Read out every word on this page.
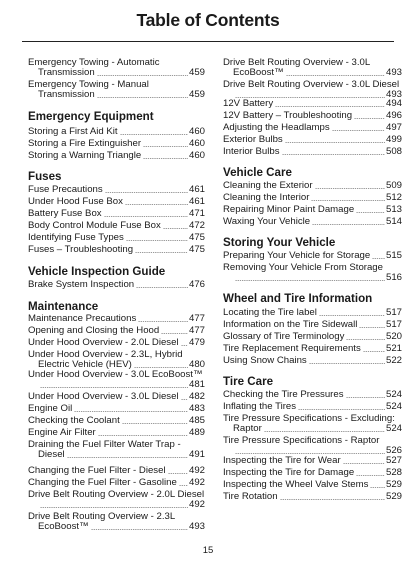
Table of Contents
Emergency Towing - Automatic
Transmission	459
Emergency Towing - Manual
Transmission	459
Emergency Equipment
Storing a First Aid Kit	460
Storing a Fire Extinguisher	460
Storing a Warning Triangle	460
Fuses
Fuse Precautions	461
Under Hood Fuse Box	461
Battery Fuse Box	471
Body Control Module Fuse Box	472
Identifying Fuse Types	475
Fuses – Troubleshooting	475
Vehicle Inspection Guide
Brake System Inspection	476
Maintenance
Maintenance Precautions	477
Opening and Closing the Hood	477
Under Hood Overview - 2.0L Diesel 479
Under Hood Overview - 2.3L, Hybrid
Electric Vehicle (HEV)	480
Under Hood Overview - 3.0L EcoBoost™
481
Under Hood Overview - 3.0L Diesel 482
Engine Oil	483
Checking the Coolant	485
Engine Air Filter	489
Draining the Fuel Filter Water Trap -
Diesel	491
Changing the Fuel Filter - Diesel 492
Changing the Fuel Filter - Gasoline 492
Drive Belt Routing Overview - 2.0L Diesel
492
Drive Belt Routing Overview - 2.3L
EcoBoost™	493
Drive Belt Routing Overview - 3.0L
EcoBoost™	493
Drive Belt Routing Overview - 3.0L Diesel
493
12V Battery	494
12V Battery – Troubleshooting	496
Adjusting the Headlamps	497
Exterior Bulbs	499
Interior Bulbs	508
Vehicle Care
Cleaning the Exterior	509
Cleaning the Interior	512
Repairing Minor Paint Damage	513
Waxing Your Vehicle	514
Storing Your Vehicle
Preparing Your Vehicle for Storage 515
Removing Your Vehicle From Storage
516
Wheel and Tire Information
Locating the Tire label	517
Information on the Tire Sidewall	517
Glossary of Tire Terminology	520
Tire Replacement Requirements	521
Using Snow Chains	522
Tire Care
Checking the Tire Pressures	524
Inflating the Tires	524
Tire Pressure Specifications - Excluding:
Raptor	524
Tire Pressure Specifications - Raptor
526
Inspecting the Tire for Wear	527
Inspecting the Tire for Damage	528
Inspecting the Wheel Valve Stems 529
Tire Rotation	529
15
